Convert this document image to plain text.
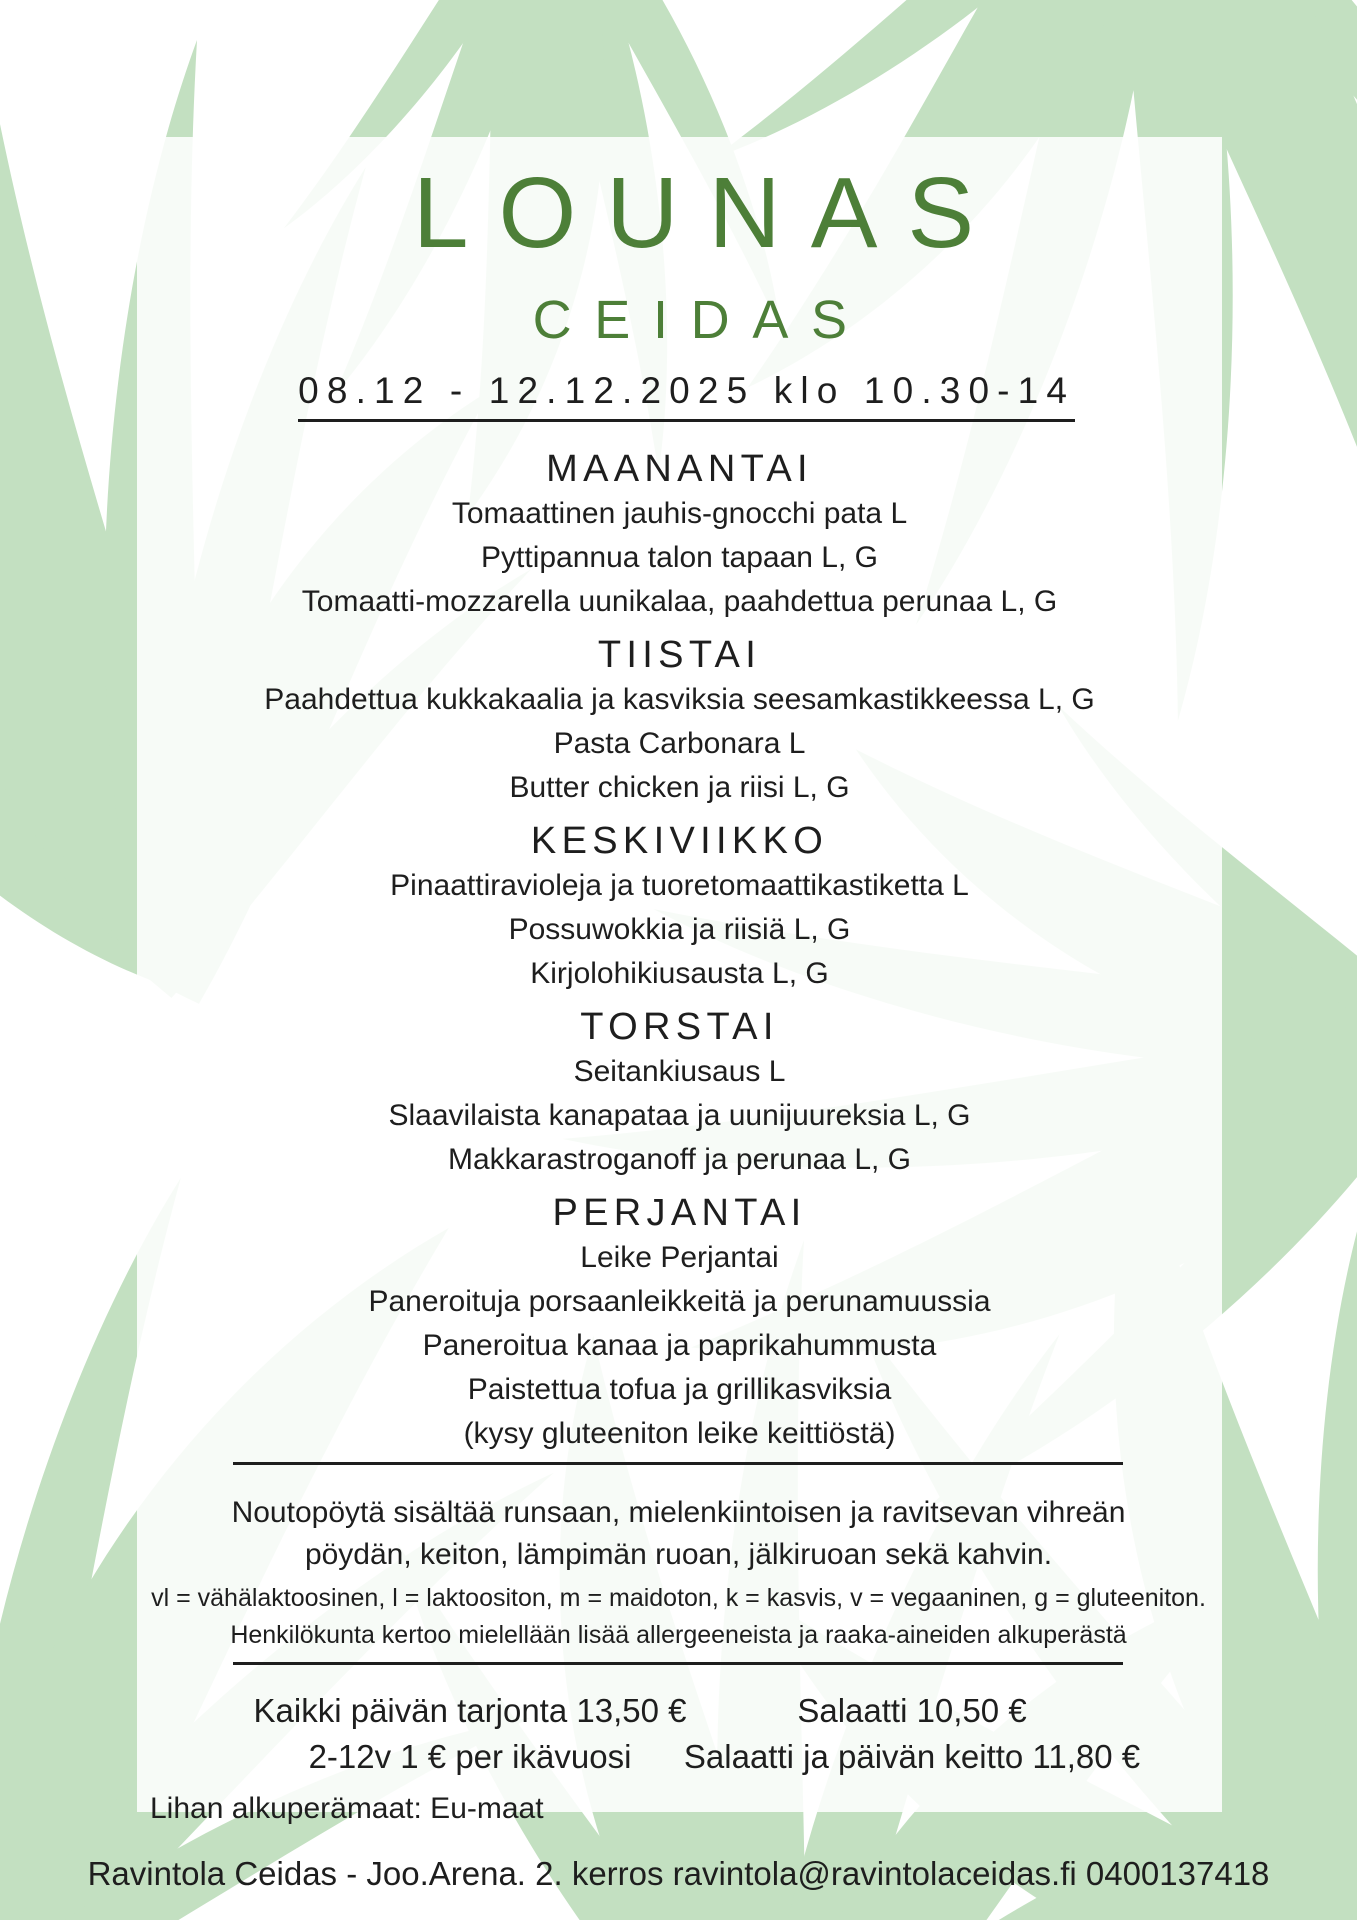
LOUNAS
CEIDAS
08.12 - 12.12.2025 klo 10.30-14
MAANANTAI
Tomaattinen jauhis-gnocchi pata L
Pyttipannua talon tapaan L, G
Tomaatti-mozzarella uunikalaa, paahdettua perunaa L, G
TIISTAI
Paahdettua kukkakaalia ja kasviksia seesamkastikkeessa L, G
Pasta Carbonara L
Butter chicken ja riisi L, G
KESKIVIIKKO
Pinaattiravioleja ja tuoretomaattikastiketta L
Possuwokkia ja riisiä L, G
Kirjolohikiusausta L, G
TORSTAI
Seitankiusaus L
Slaavilaista kanapataa ja uunijuureksia L, G
Makkarastroganoff ja perunaa L, G
PERJANTAI
Leike Perjantai
Paneroituja porsaanleikkeitä ja perunamuussia
Paneroitua kanaa ja paprikahummusta
Paistettua tofua ja grillikasviksia
(kysy gluteeniton leike keittiöstä)
Noutopöytä sisältää runsaan, mielenkiintoisen ja ravitsevan vihreän
pöydän, keiton, lämpimän ruoan, jälkiruoan sekä kahvin.
vl = vähälaktoosinen, l = laktoositon, m = maidoton, k = kasvis, v = vegaaninen, g = gluteeniton.
Henkilökunta kertoo mielellään lisää allergeeneista ja raaka-aineiden alkuperästä
Kaikki päivän tarjonta 13,50 €
2-12v 1 € per ikävuosi
Salaatti 10,50 €
Salaatti ja päivän keitto 11,80 €
Lihan alkuperämaat: Eu-maat
Ravintola Ceidas - Joo.Arena. 2. kerros ravintola@ravintolaceidas.fi 0400137418
